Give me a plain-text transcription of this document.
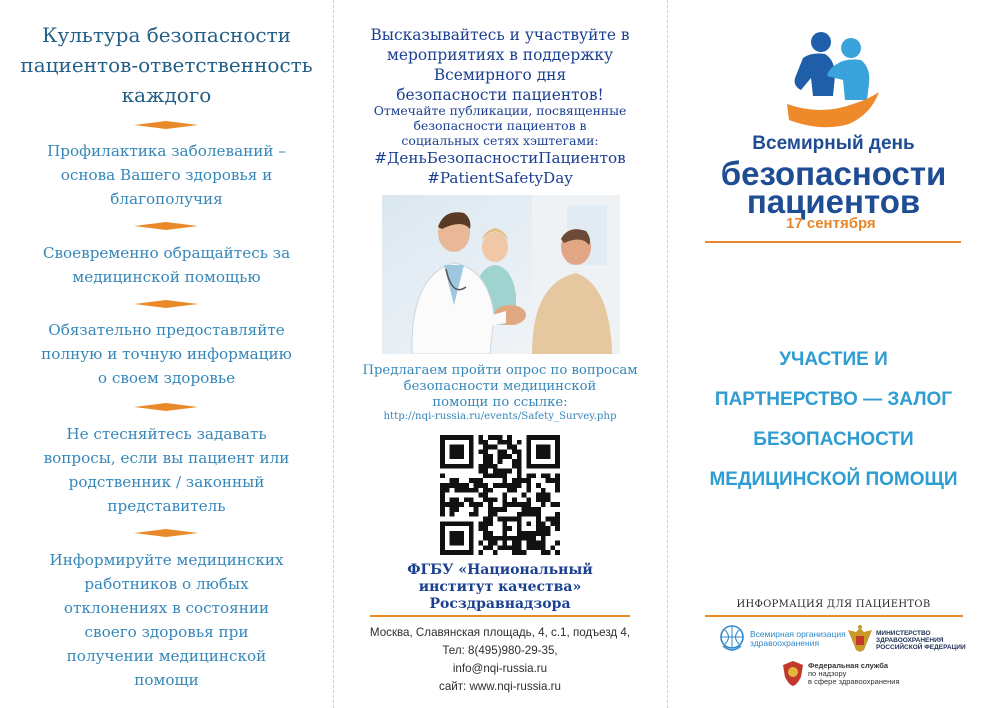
Культура безопасности
пациентов-ответственность
каждого
Профилактика заболеваний –
основа Вашего здоровья и
благополучия
Своевременно обращайтесь за
медицинской помощью
Обязательно предоставляйте
полную и точную информацию
о своем здоровье
Не стесняйтесь задавать
вопросы, если вы пациент или
родственник / законный
представитель
Информируйте медицинских
работников о любых
отклонениях в состоянии
своего здоровья при
получении медицинской
помощи
Высказывайтесь и участвуйте в
мероприятиях в поддержку
Всемирного дня
безопасности пациентов!
Отмечайте публикации, посвященные
безопасности пациентов в
социальных сетях хэштегами:
#ДеньБезопасностиПациентов
#PatientSafetyDay
Предлагаем пройти опрос по вопросам
безопасности медицинской
помощи по ссылке:
http://nqi-russia.ru/events/Safety_Survey.php
ФГБУ «Национальный
институт качества»
Росздравнадзора
Москва, Славянская площадь, 4, с.1, подъезд 4,
Тел: 8(495)980-29-35,
info@nqi-russia.ru
сайт: www.nqi-russia.ru
Всемирный день
безопасности
пациентов
17 сентября
УЧАСТИЕ И
ПАРТНЕРСТВО — ЗАЛОГ
БЕЗОПАСНОСТИ
МЕДИЦИНСКОЙ ПОМОЩИ
ИНФОРМАЦИЯ ДЛЯ ПАЦИЕНТОВ
Всемирная организация
здравоохранения
МИНИСТЕРСТВО
ЗДРАВООХРАНЕНИЯ
РОССИЙСКОЙ ФЕДЕРАЦИИ
Федеральная служба
по надзору
в сфере здравоохранения
